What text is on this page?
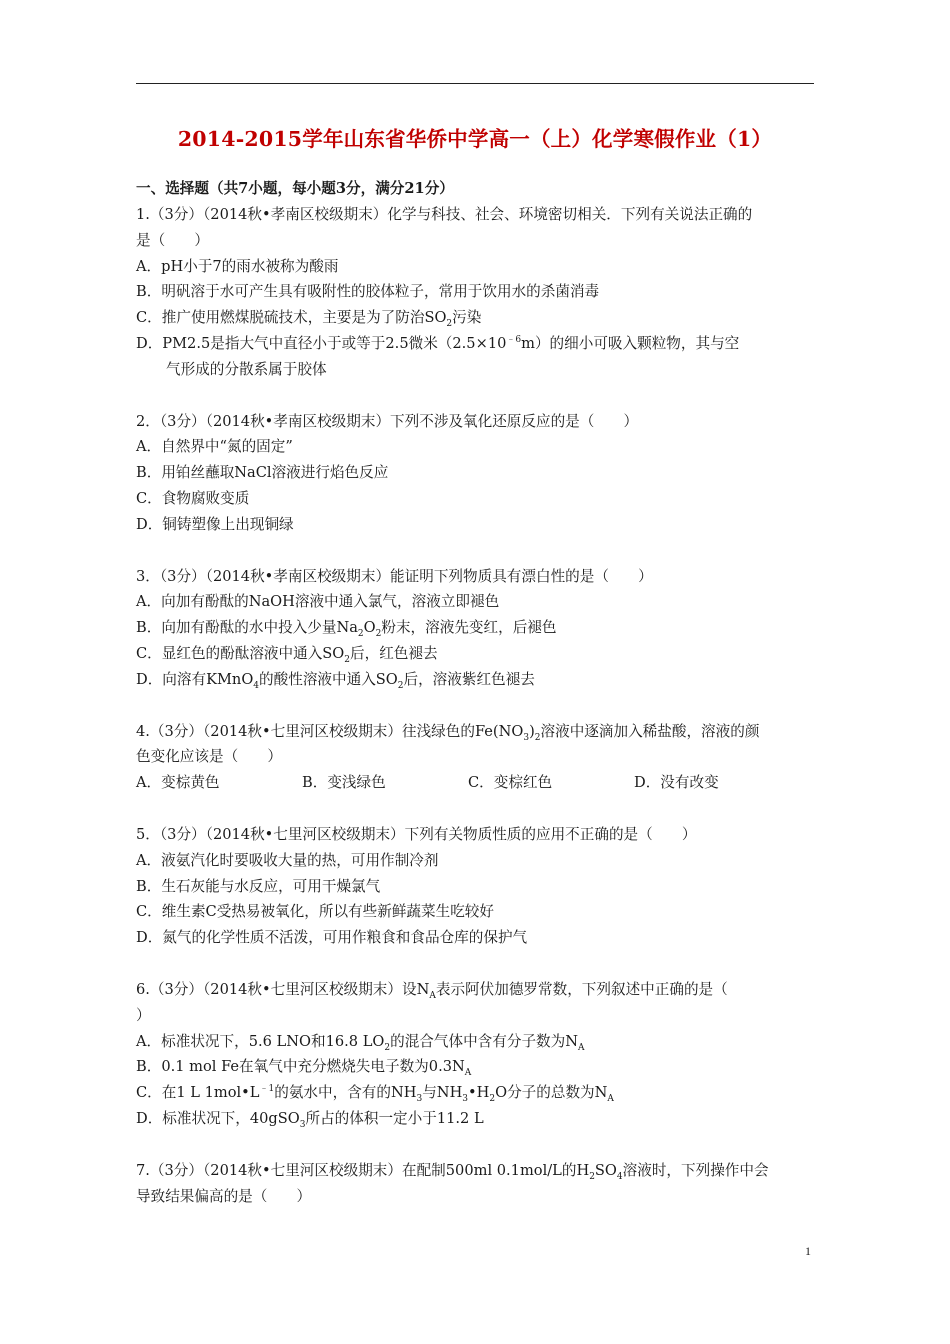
2014-2015学年山东省华侨中学高一（上）化学寒假作业（1）
一、选择题（共7小题，每小题3分，满分21分）
1.（3分）（2014秋•孝南区校级期末）化学与科技、社会、环境密切相关．下列有关说法正确的
是（　　）
A．pH小于7的雨水被称为酸雨
B．明矾溶于水可产生具有吸附性的胶体粒子，常用于饮用水的杀菌消毒
C．推广使用燃煤脱硫技术，主要是为了防治$SO_2$污染
D．PM2.5是指大气中直径小于或等于2.5微米$(2.5\times 10^{﹣6}m)$的细小可吸入颗粒物，其与空
气形成的分散系属于胶体
2．（3分）（2014秋•孝南区校级期末）下列不涉及氧化还原反应的是（　　）
A．自然界中“氮的固定”
B．用铂丝蘸取NaCl溶液进行焰色反应
C．食物腐败变质
D．铜铸塑像上出现铜绿
3．（3分）（2014秋•孝南区校级期末）能证明下列物质具有漂白性的是（　　）
A．向加有酚酞的NaOH溶液中通入氯气，溶液立即褪色
B．向加有酚酞的水中投入少量$Na_2O_2$粉末，溶液先变红，后褪色
C．显红色的酚酞溶液中通入$SO_2$后，红色褪去
D．向溶有KMnO$_4$的酸性溶液中通入$SO_2$后，溶液紫红色褪去
4.（3分）（2014秋•七里河区校级期末）往浅绿色的$Fe(NO_3)_2$溶液中逐滴加入稀盐酸，溶液的颜
色变化应该是（　　）
A．变棕黄色	B．变浅绿色	C．变棕红色	D．没有改变
5．（3分）（2014秋•七里河区校级期末）下列有关物质性质的应用不正确的是（　　）
A．液氨汽化时要吸收大量的热，可用作制冷剂
B．生石灰能与水反应，可用干燥氯气
C．维生素C受热易被氧化，所以有些新鲜蔬菜生吃较好
D．氮气的化学性质不活泼，可用作粮食和食品仓库的保护气
6.（3分）（2014秋•七里河区校级期末）设$N_A$表示阿伏加德罗常数，下列叙述中正确的是（
）
A．标准状况下，5.6 LNO和16.8 $LO_2$的混合气体中含有分子数为$N_A$
B．0.1 mol Fe在氧气中充分燃烧失电子数为$0.3N_A$
C．在1 L $1mol•L^{﹣1}$的氨水中，含有的$NH_3$与$NH_3•H_2O$分子的总数为$N_A$
D．标准状况下，40gSO$_3$所占的体积一定小于11.2 L
7.（3分）（2014秋•七里河区校级期末）在配制500ml 0.1mol/L的$H_2SO_4$溶液时，下列操作中会
导致结果偏高的是（　　）
1
